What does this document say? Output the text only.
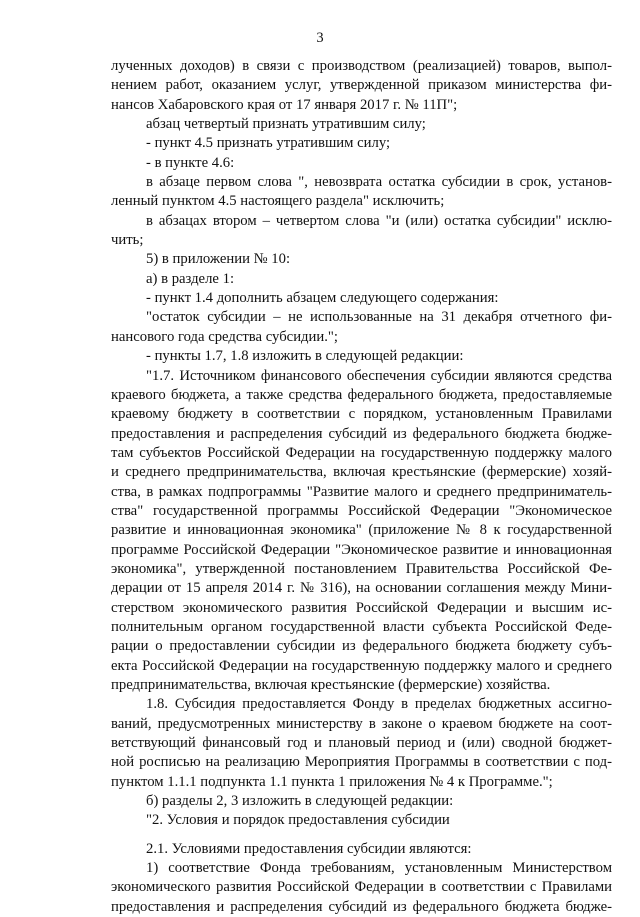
3
лученных доходов) в связи с производством (реализацией) товаров, выпол-
нением работ, оказанием услуг, утвержденной приказом министерства фи-
нансов Хабаровского края от 17 января 2017 г. № 11П";
абзац четвертый признать утратившим силу;
- пункт 4.5 признать утратившим силу;
- в пункте 4.6:
в абзаце первом слова ", невозврата остатка субсидии в срок, установ-
ленный пунктом 4.5 настоящего раздела" исключить;
в абзацах втором – четвертом слова "и (или) остатка субсидии" исклю-
чить;
5) в приложении № 10:
а) в разделе 1:
- пункт 1.4 дополнить абзацем следующего содержания:
"остаток субсидии – не использованные на 31 декабря отчетного фи-
нансового года средства субсидии.";
- пункты 1.7, 1.8 изложить в следующей редакции:
"1.7. Источником финансового обеспечения субсидии являются средства
краевого бюджета, а также средства федерального бюджета, предоставляемые
краевому бюджету в соответствии с порядком, установленным Правилами
предоставления и распределения субсидий из федерального бюджета бюдже-
там субъектов Российской Федерации на государственную поддержку малого
и среднего предпринимательства, включая крестьянские (фермерские) хозяй-
ства, в рамках подпрограммы "Развитие малого и среднего предприниматель-
ства" государственной программы Российской Федерации "Экономическое
развитие и инновационная экономика" (приложение № 8 к государственной
программе Российской Федерации "Экономическое развитие и инновационная
экономика", утвержденной постановлением Правительства Российской Фе-
дерации от 15 апреля 2014 г. № 316), на основании соглашения между Мини-
стерством экономического развития Российской Федерации и высшим ис-
полнительным органом государственной власти субъекта Российской Феде-
рации о предоставлении субсидии из федерального бюджета бюджету субъ-
екта Российской Федерации на государственную поддержку малого и среднего
предпринимательства, включая крестьянские (фермерские) хозяйства.
1.8. Субсидия предоставляется Фонду в пределах бюджетных ассигно-
ваний, предусмотренных министерству в законе о краевом бюджете на соот-
ветствующий финансовый год и плановый период и (или) сводной бюджет-
ной росписью на реализацию Мероприятия Программы в соответствии с под-
пунктом 1.1.1 подпункта 1.1 пункта 1 приложения № 4 к Программе.";
б) разделы 2, 3 изложить в следующей редакции:
"2. Условия и порядок предоставления субсидии
2.1. Условиями предоставления субсидии являются:
1) соответствие Фонда требованиям, установленным Министерством
экономического развития Российской Федерации в соответствии с Правилами
предоставления и распределения субсидий из федерального бюджета бюдже-
